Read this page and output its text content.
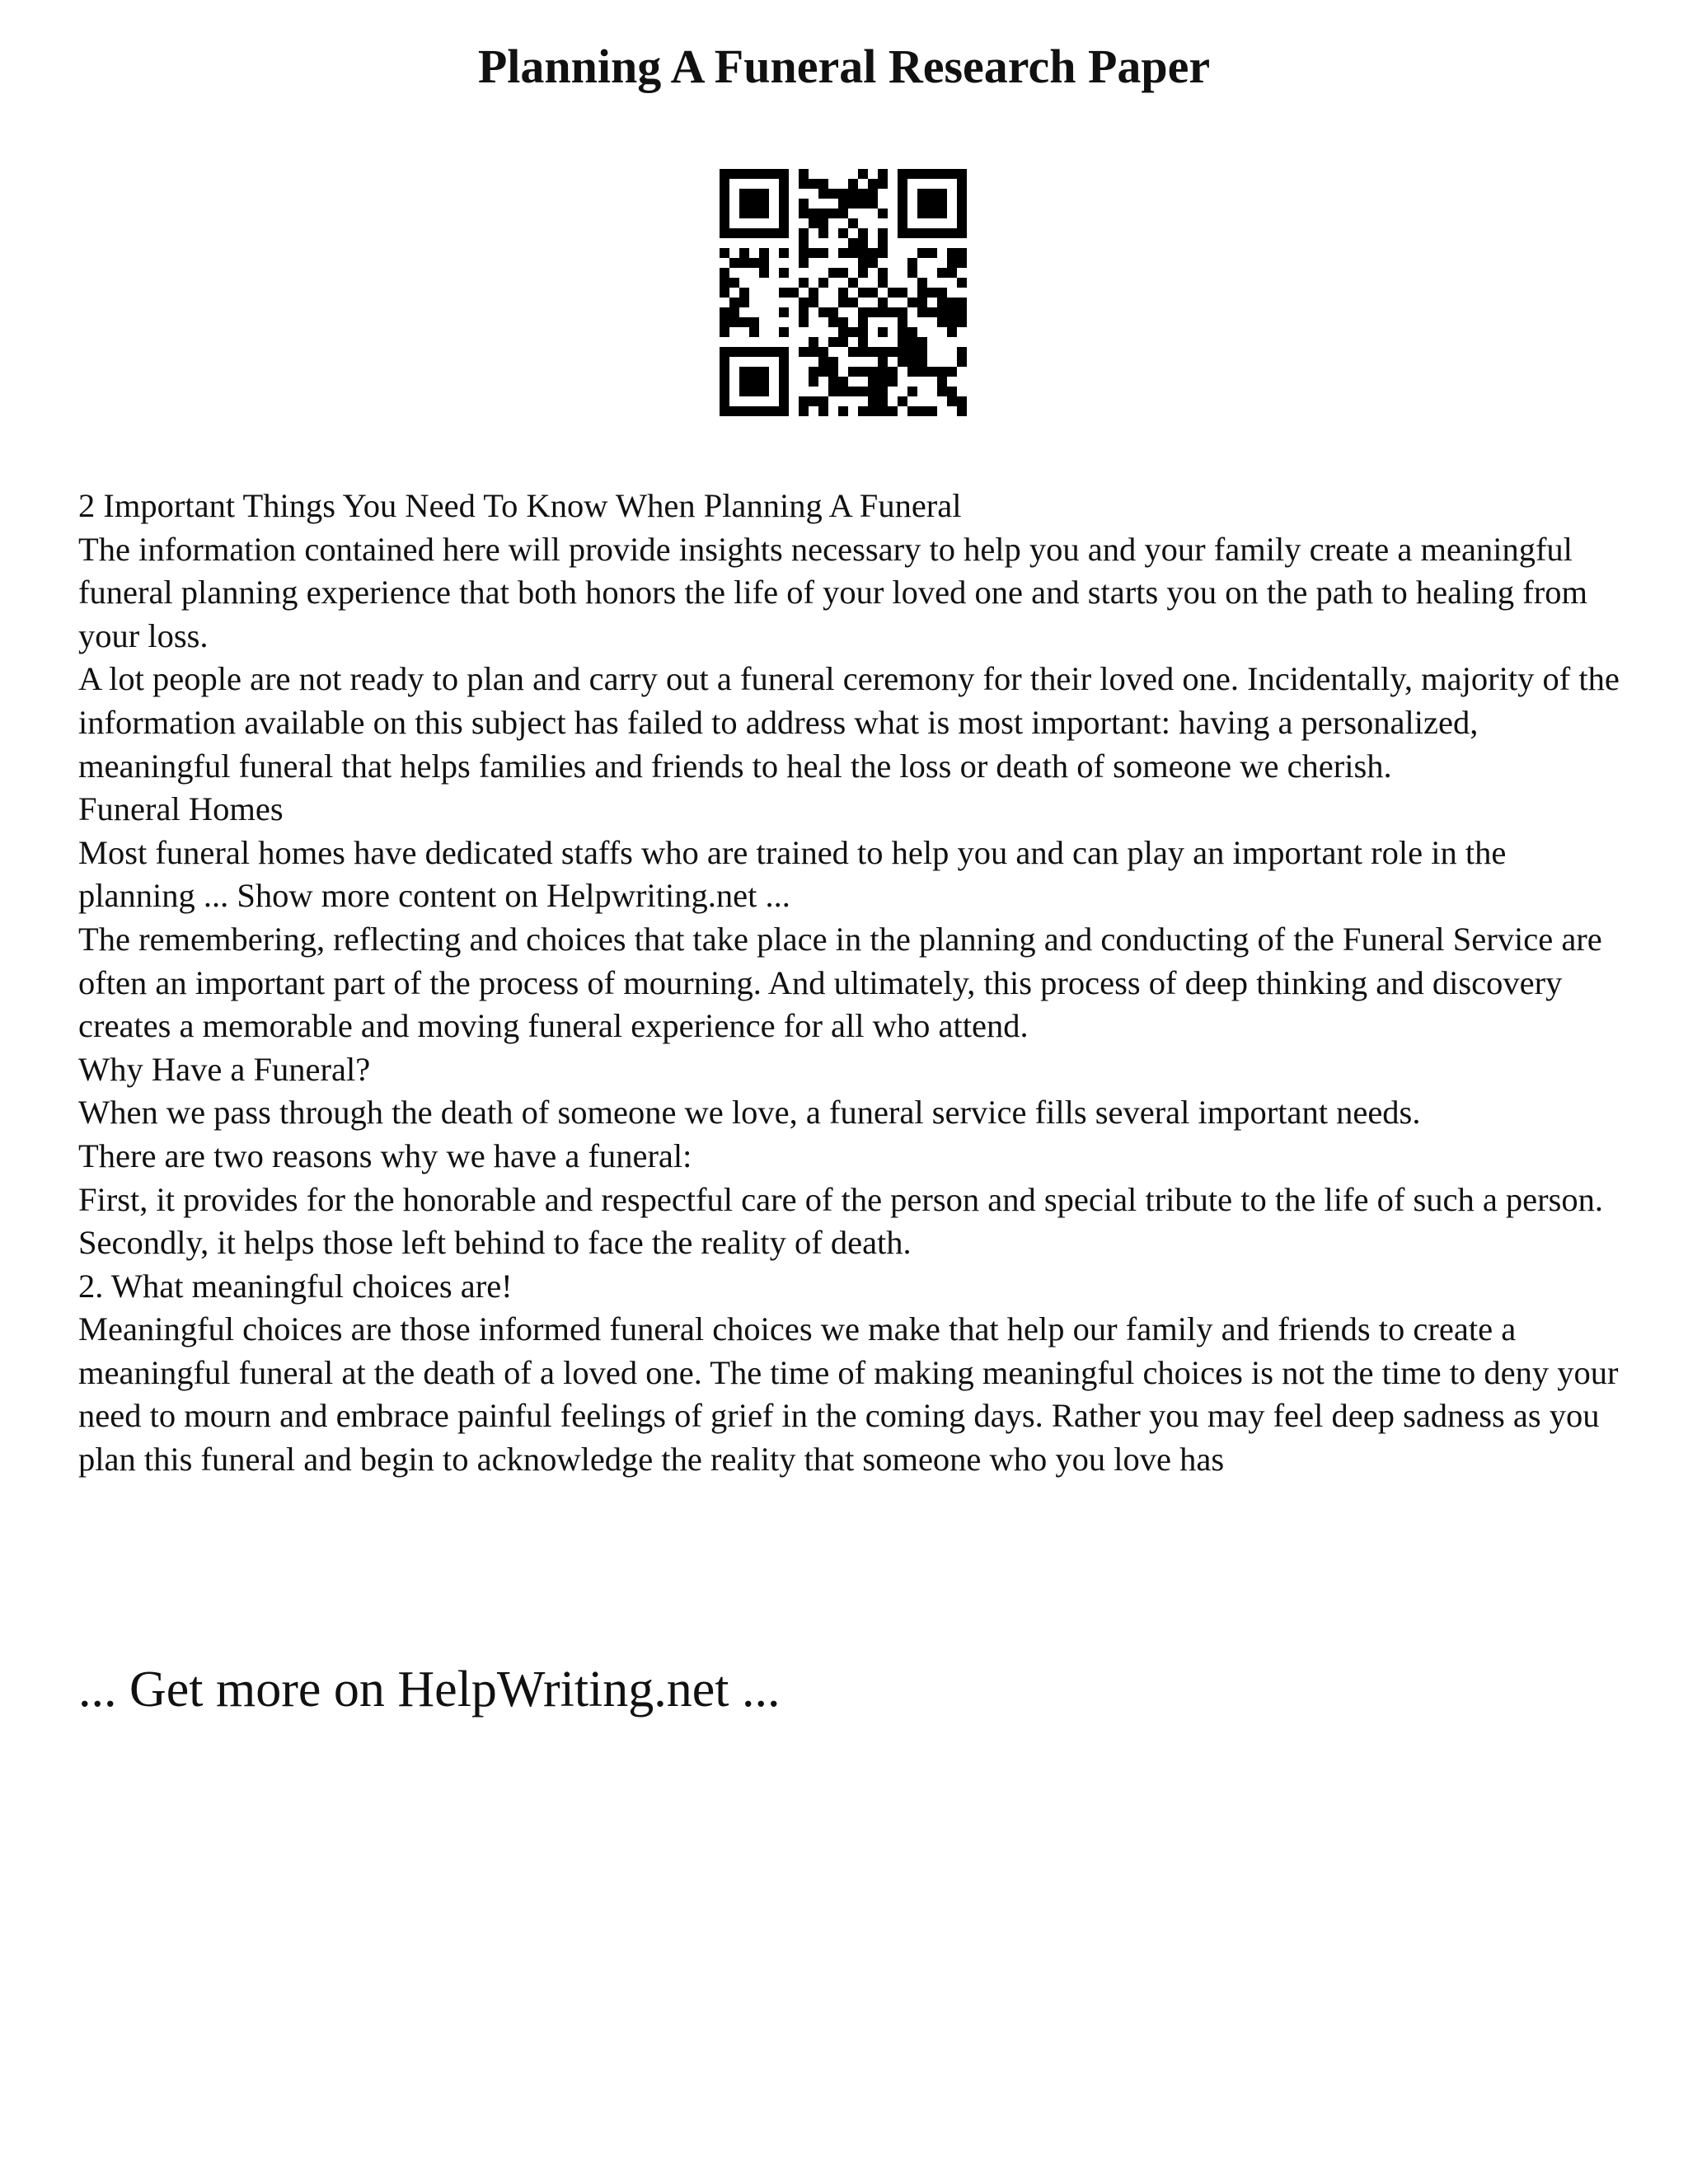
Planning A Funeral Research Paper

2 Important Things You Need To Know When Planning A Funeral

The information contained here will provide insights necessary to help you and your family create a meaningful funeral planning experience that both honors the life of your loved one and starts you on the path to healing from your loss.

A lot people are not ready to plan and carry out a funeral ceremony for their loved one. Incidentally, majority of the information available on this subject has failed to address what is most important: having a personalized, meaningful funeral that helps families and friends to heal the loss or death of someone we cherish.

Funeral Homes

Most funeral homes have dedicated staffs who are trained to help you and can play an important role in the planning ... Show more content on Helpwriting.net ...

The remembering, reflecting and choices that take place in the planning and conducting of the Funeral Service are often an important part of the process of mourning. And ultimately, this process of deep thinking and discovery creates a memorable and moving funeral experience for all who attend.

Why Have a Funeral?

When we pass through the death of someone we love, a funeral service fills several important needs.

There are two reasons why we have a funeral:

First, it provides for the honorable and respectful care of the person and special tribute to the life of such a person.

Secondly, it helps those left behind to face the reality of death.

2. What meaningful choices are!

Meaningful choices are those informed funeral choices we make that help our family and friends to create a meaningful funeral at the death of a loved one. The time of making meaningful choices is not the time to deny your need to mourn and embrace painful feelings of grief in the coming days. Rather you may feel deep sadness as you plan this funeral and begin to acknowledge the reality that someone who you love has

... Get more on HelpWriting.net ...
